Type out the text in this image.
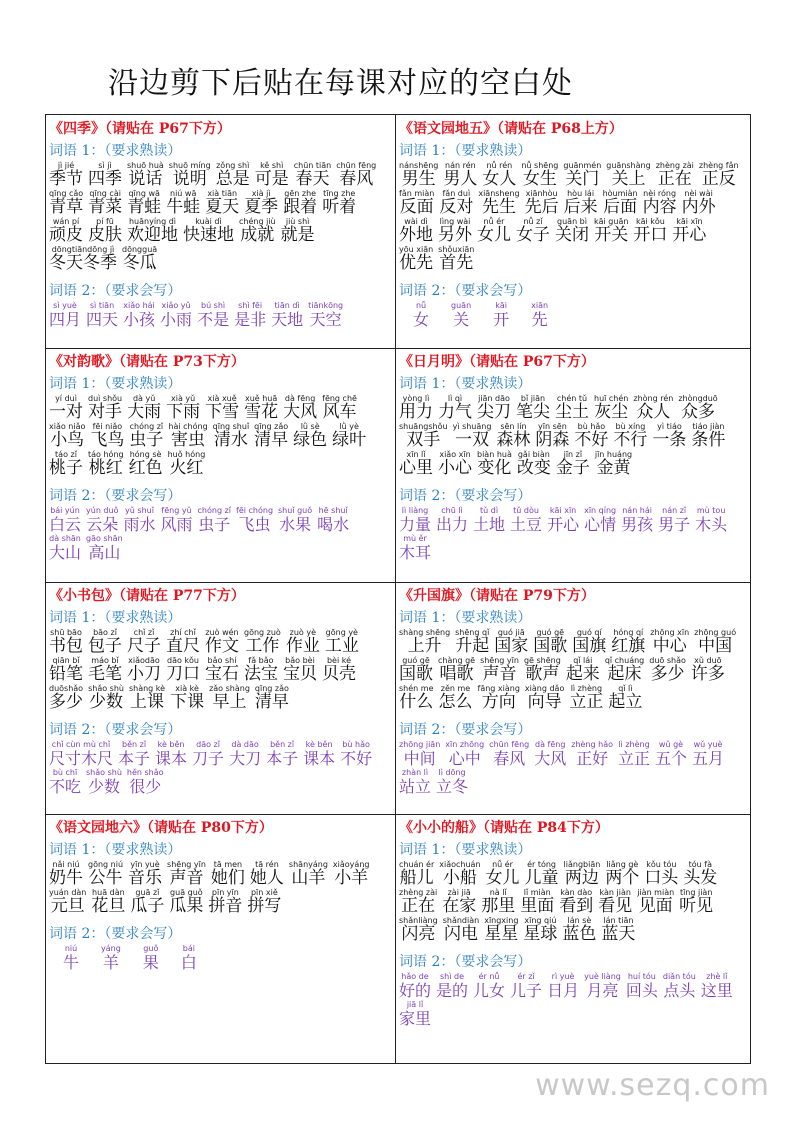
沿边剪下后贴在每课对应的空白处
《四季》（请贴在 P67下方）
词语 1：（要求熟读）
jì jié
季节
sì jì
四季
shuō huà
说话
shuō míng
说明
zǒng shì
总是
kě shì
可是
chūn tiān
春天
chūn fēng
春风
qīng cǎo
青草
qīng cài
青菜
qīng wā
青蛙
niú wā
牛蛙
xià tiān
夏天
xià jì
夏季
gēn zhe
跟着
tīng zhe
听着
wán pí
顽皮
pí fū
皮肤
huānyíng dì
欢迎地
kuài dì
快速地
chéng jiù
成就
jiù shì
就是
dōngtiāndōng jì
冬天冬季
dōngguā
冬瓜
词语 2：（要求会写）
sì yuè
四月
sì tiān
四天
xiǎo hái
小孩
xiǎo yǔ
小雨
bú shì
不是
shì fēi
是非
tiān dì
天地
tiānkōng
天空
《语文园地五》（请贴在 P68上方）
词语 1：（要求熟读）
nánshēng
男生
nán rén
男人
nǚ rén
女人
nǚ shēng
女生
guānmén
关门
guānshàng
关上
zhèng zài
正在
zhèng fǎn
正反
fǎn miàn
反面
fǎn duì
反对
xiānsheng
先生
xiānhòu
先后
hòu lái
后来
hòumiàn
后面
nèi róng
内容
nèi wài
内外
wài dì
外地
lìng wài
另外
nǚ ér
女儿
nǚ zǐ
女子
guān bì
关闭
kāi guān
开关
kāi kǒu
开口
kāi xīn
开心
yōu xiān
优先
shǒuxiān
首先
词语 2：（要求会写）
nǚ
女
guān
关
kāi
开
xiān
先
《对韵歌》（请贴在 P73下方）
词语 1：（要求熟读）
yí duì
一对
duì shǒu
对手
dà yǔ
大雨
xià yǔ
下雨
xià xuě
下雪
xuě huā
雪花
dà fēng
大风
fēng chē
风车
xiǎo niǎo
小鸟
fēi niǎo
飞鸟
chóng zǐ
虫子
hài chóng
害虫
qīng shuǐ
清水
qīng zǎo
清早
lǜ sè
绿色
lǜ yè
绿叶
táo zǐ
桃子
táo hóng
桃红
hóng sè
红色
huǒ hóng
火红
词语 2：（要求会写）
bái yún
白云
yún duǒ
云朵
yǔ shuǐ
雨水
fēng yǔ
风雨
chóng zǐ
虫子
fēi chóng
飞虫
shuǐ guǒ
水果
hē shuǐ
喝水
dà shān
大山
gāo shān
高山
《日月明》（请贴在 P67下方）
词语 1：（要求熟读）
yòng lì
用力
lì qì
力气
jiān dāo
尖刀
bǐ jiān
笔尖
chén tǔ
尘土
huī chén
灰尘
zhòng rén
众人
zhòngduō
众多
shuāngshǒu
双手
yì shuāng
一双
sēn lín
森林
yīn sēn
阴森
bù hǎo
不好
bù xíng
不行
yì tiáo
一条
tiáo jiàn
条件
xīn lǐ
心里
xiǎo xīn
小心
biàn huà
变化
gǎi biàn
改变
jīn zǐ
金子
jīn huáng
金黄
词语 2：（要求会写）
lì liàng
力量
chū lì
出力
tǔ dì
土地
tǔ dòu
土豆
kāi xīn
开心
xīn qíng
心情
nán hái
男孩
nán zǐ
男子
mù tou
木头
mù ěr
木耳
《小书包》（请贴在 P77下方）
词语 1：（要求熟读）
shū bāo
书包
bāo zǐ
包子
chǐ zǐ
尺子
zhí chǐ
直尺
zuò wén
作文
gōng zuò
工作
zuò yè
作业
gōng yè
工业
qiān bǐ
铅笔
máo bǐ
毛笔
xiǎodāo
小刀
dāo kǒu
刀口
bǎo shí
宝石
fǎ bǎo
法宝
bǎo bèi
宝贝
bèi ké
贝壳
duōshǎo
多少
shǎo shù
少数
shàng kè
上课
xià kè
下课
zǎo shàng
早上
qīng zǎo
清早
词语 2：（要求会写）
chǐ cùn mù chǐ
尺寸木尺
běn zǐ
本子
kè běn
课本
dāo zǐ
刀子
dà dāo
大刀
běn zǐ
本子
kè běn
课本
bù hǎo
不好
bù chī
不吃
shǎo shù
少数
hěn shǎo
很少
《升国旗》（请贴在 P79下方）
词语 1：（要求熟读）
shàng shēng
上升
shēng qǐ
升起
guó jiā
国家
guó gē
国歌
guó qí
国旗
hóng qí
红旗
zhōng xīn
中心
zhōng guó
中国
guó gē
国歌
chàng gē
唱歌
shēng yīn
声音
gē shēng
歌声
qǐ lái
起来
qǐ chuáng
起床
duō shǎo
多少
xǔ duō
许多
shén me
什么
zěn me
怎么
fāng xiàng
方向
xiàng dǎo
向导
lì zhèng
立正
qǐ lì
起立
词语 2：（要求会写）
zhōng jiān
中间
xīn zhōng
心中
chūn fēng
春风
dà fēng
大风
zhèng hǎo
正好
lì zhèng
立正
wǔ gè
五个
wǔ yuè
五月
zhàn lì
站立
lì dōng
立冬
《语文园地六》（请贴在 P80下方）
词语 1：（要求熟读）
nǎi niú
奶牛
gōng niú
公牛
yīn yuè
音乐
shēng yīn
声音
tā men
她们
tā rén
她人
shānyáng
山羊
xiǎoyáng
小羊
yuán dàn
元旦
huā dàn
花旦
guā zǐ
瓜子
guā guǒ
瓜果
pīn yīn
拼音
pīn xiě
拼写
词语 2：（要求会写）
niú
牛
yáng
羊
guǒ
果
bái
白
《小小的船》（请贴在 P84下方）
词语 1：（要求熟读）
chuán ér
船儿
xiǎochuán
小船
nǚ ér
女儿
ér tóng
儿童
liǎngbiān
两边
liǎng gè
两个
kǒu tóu
口头
tóu fà
头发
zhèng zài
正在
zài jiā
在家
nà lǐ
那里
lǐ miàn
里面
kàn dào
看到
kàn jiàn
看见
jiàn miàn
见面
tīng jiàn
听见
shǎnliàng
闪亮
shǎndiàn
闪电
xīngxing
星星
xīng qiú
星球
lán sè
蓝色
lán tiān
蓝天
词语 2：（要求会写）
hǎo de
好的
shì de
是的
ér nǚ
儿女
ér zǐ
儿子
rì yuè
日月
yuè liàng
月亮
huí tóu
回头
diǎn tóu
点头
zhè lǐ
这里
jiā lǐ
家里
www.sezq.com
